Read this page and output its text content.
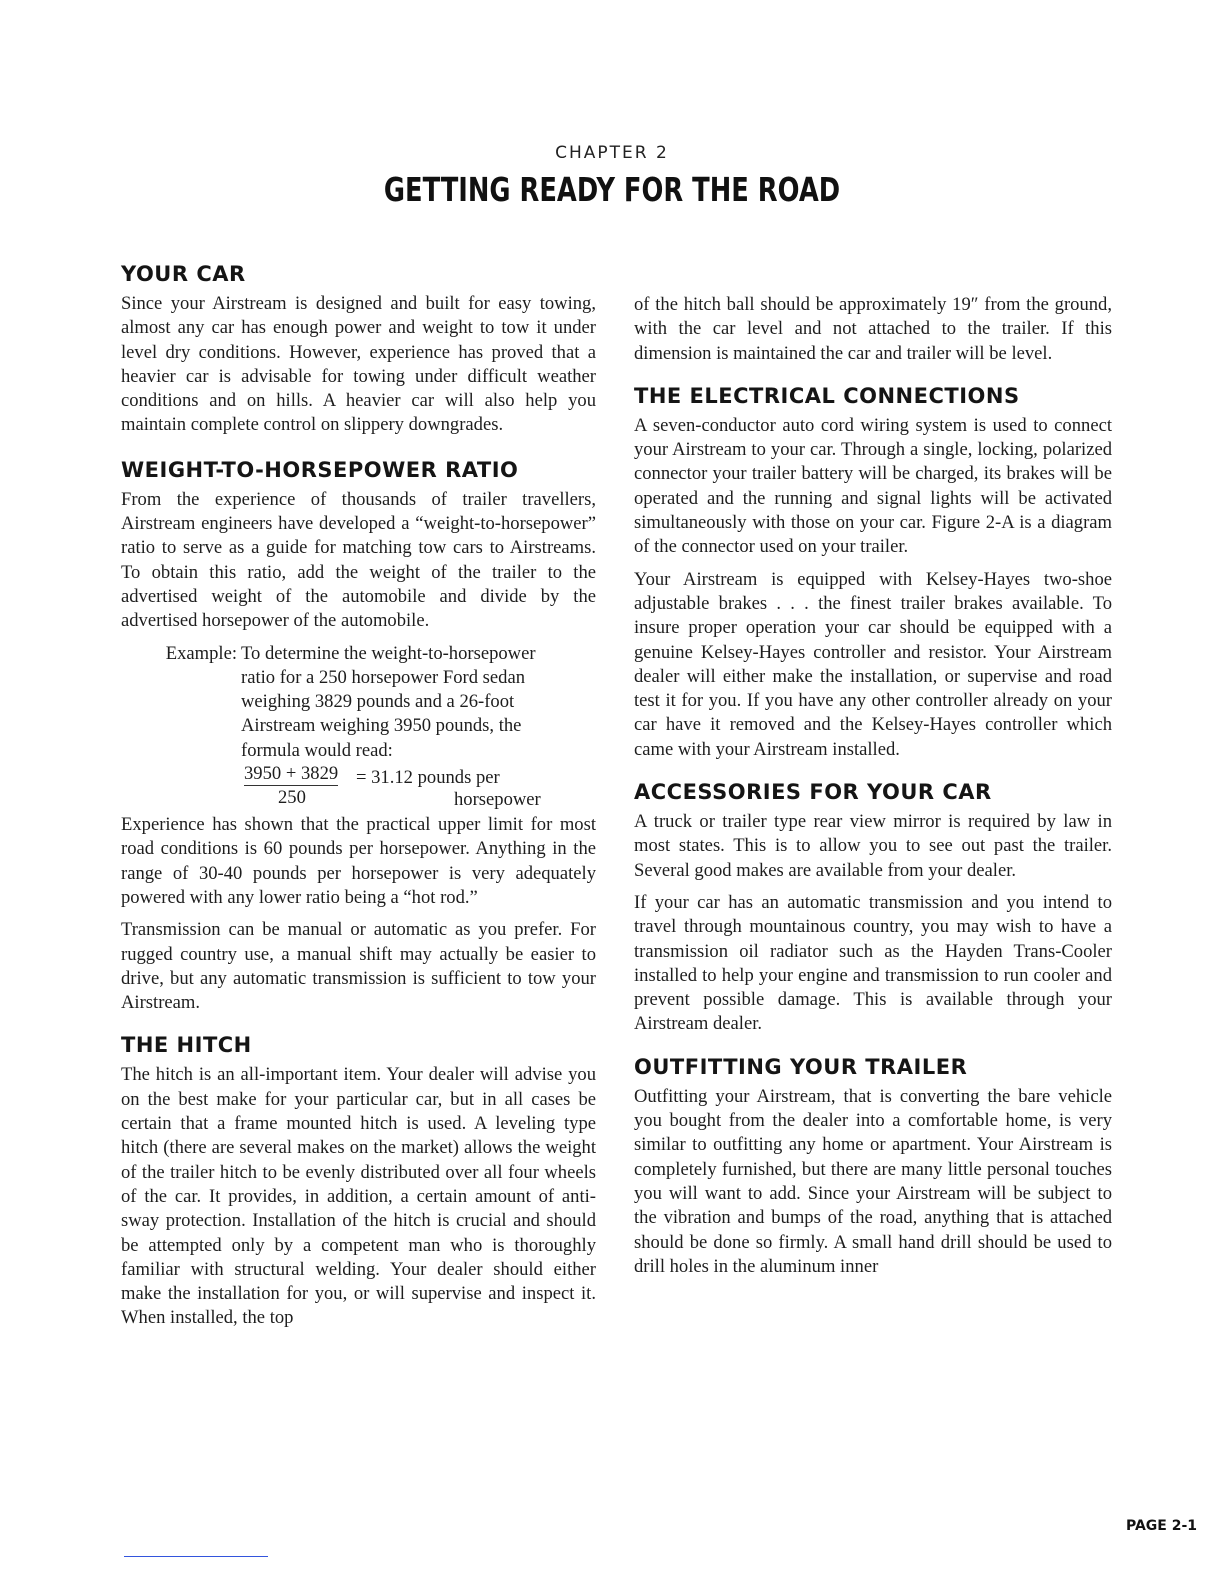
CHAPTER 2
GETTING READY FOR THE ROAD
YOUR CAR

Since your Airstream is designed and built for easy towing, almost any car has enough power and weight to tow it under level dry conditions. However, experience has proved that a heavier car is advisable for towing under difficult weather conditions and on hills. A heavier car will also help you maintain complete control on slippery downgrades.

WEIGHT-TO-HORSEPOWER RATIO

From the experience of thousands of trailer travellers, Airstream engineers have developed a “weight-to-horsepower” ratio to serve as a guide for matching tow cars to Airstreams. To obtain this ratio, add the weight of the trailer to the advertised weight of the automobile and divide by the advertised horsepower of the automobile.

Example: To determine the weight-to-horsepower ratio for a 250 horsepower Ford sedan weighing 3829 pounds and a 26-foot Airstream weighing 3950 pounds, the formula would read:
3950 + 3829
250
= 31.12 pounds per
horsepower

Experience has shown that the practical upper limit for most road conditions is 60 pounds per horsepower. Anything in the range of 30-40 pounds per horsepower is very adequately powered with any lower ratio being a “hot rod.”

Transmission can be manual or automatic as you prefer. For rugged country use, a manual shift may actually be easier to drive, but any automatic transmission is sufficient to tow your Airstream.

THE HITCH

The hitch is an all-important item. Your dealer will advise you on the best make for your particular car, but in all cases be certain that a frame mounted hitch is used. A leveling type hitch (there are several makes on the market) allows the weight of the trailer hitch to be evenly distributed over all four wheels of the car. It provides, in addition, a certain amount of anti-sway protection. Installation of the hitch is crucial and should be attempted only by a competent man who is thoroughly familiar with structural welding. Your dealer should either make the installation for you, or will supervise and inspect it. When installed, the top

of the hitch ball should be approximately 19″ from the ground, with the car level and not attached to the trailer. If this dimension is maintained the car and trailer will be level.

THE ELECTRICAL CONNECTIONS

A seven-conductor auto cord wiring system is used to connect your Airstream to your car. Through a single, locking, polarized connector your trailer battery will be charged, its brakes will be operated and the running and signal lights will be activated simultaneously with those on your car. Figure 2-A is a diagram of the connector used on your trailer.

Your Airstream is equipped with Kelsey-Hayes two-shoe adjustable brakes . . . the finest trailer brakes available. To insure proper operation your car should be equipped with a genuine Kelsey-Hayes controller and resistor. Your Airstream dealer will either make the installation, or supervise and road test it for you. If you have any other controller already on your car have it removed and the Kelsey-Hayes controller which came with your Airstream installed.

ACCESSORIES FOR YOUR CAR

A truck or trailer type rear view mirror is required by law in most states. This is to allow you to see out past the trailer. Several good makes are available from your dealer.

If your car has an automatic transmission and you intend to travel through mountainous country, you may wish to have a transmission oil radiator such as the Hayden Trans-Cooler installed to help your engine and transmission to run cooler and prevent possible damage. This is available through your Airstream dealer.

OUTFITTING YOUR TRAILER

Outfitting your Airstream, that is converting the bare vehicle you bought from the dealer into a comfortable home, is very similar to outfitting any home or apartment. Your Airstream is completely furnished, but there are many little personal touches you will want to add. Since your Airstream will be subject to the vibration and bumps of the road, anything that is attached should be done so firmly. A small hand drill should be used to drill holes in the aluminum inner

PAGE 2-1
